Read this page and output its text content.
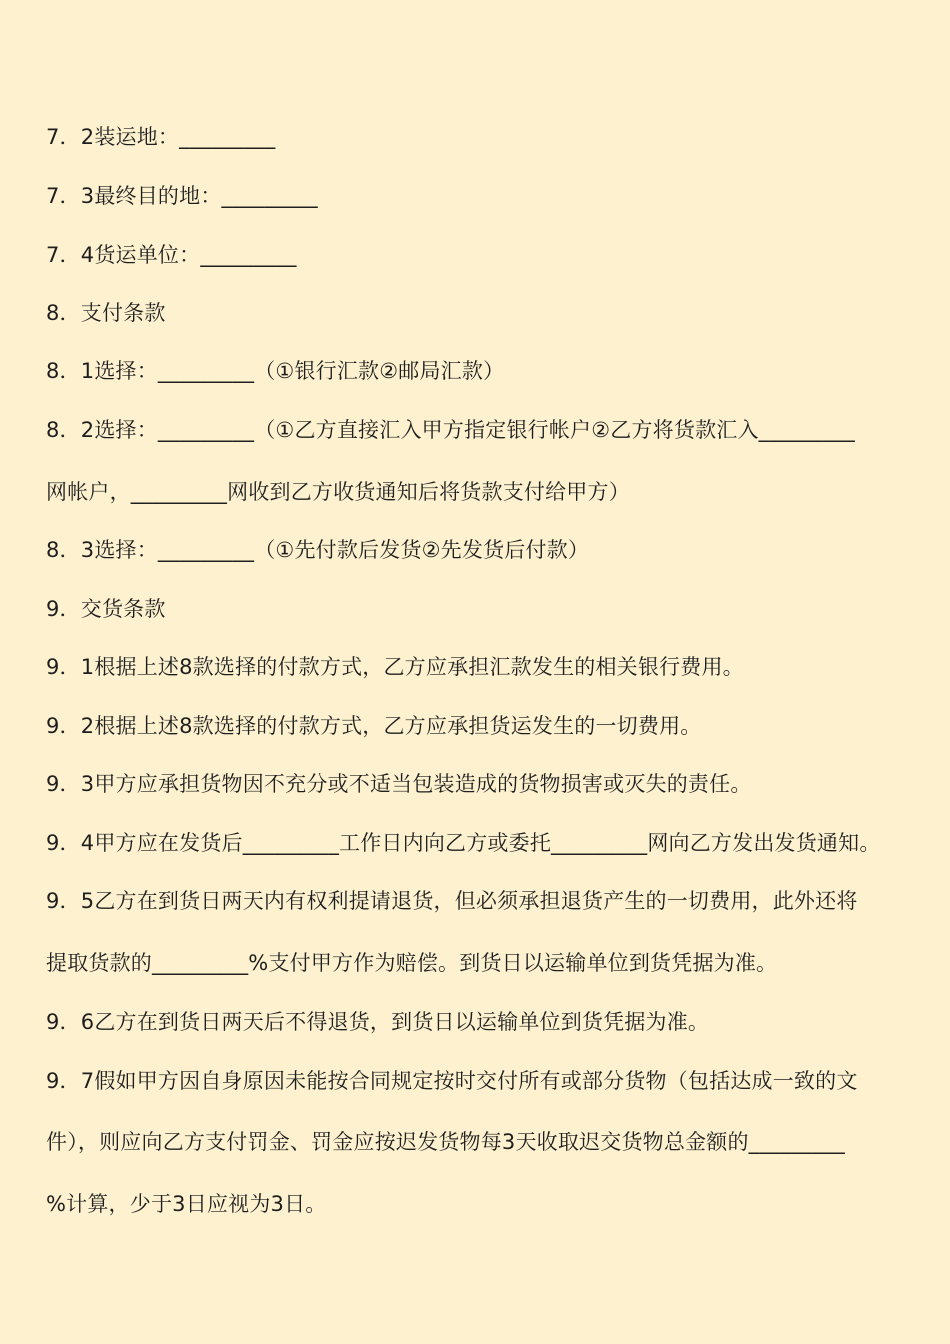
7．2装运地：_________
7．3最终目的地：_________
7．4货运单位：_________
8．支付条款
8．1选择：_________（①银行汇款②邮局汇款）
8．2选择：_________（①乙方直接汇入甲方指定银行帐户②乙方将货款汇入_________
网帐户，_________网收到乙方收货通知后将货款支付给甲方）
8．3选择：_________（①先付款后发货②先发货后付款）
9．交货条款
9．1根据上述8款选择的付款方式，乙方应承担汇款发生的相关银行费用。
9．2根据上述8款选择的付款方式，乙方应承担货运发生的一切费用。
9．3甲方应承担货物因不充分或不适当包装造成的货物损害或灭失的责任。
9．4甲方应在发货后_________工作日内向乙方或委托_________网向乙方发出发货通知。
9．5乙方在到货日两天内有权利提请退货，但必须承担退货产生的一切费用，此外还将
提取货款的_________%支付甲方作为赔偿。到货日以运输单位到货凭据为准。
9．6乙方在到货日两天后不得退货，到货日以运输单位到货凭据为准。
9．7假如甲方因自身原因未能按合同规定按时交付所有或部分货物（包括达成一致的文
件），则应向乙方支付罚金、罚金应按迟发货物每3天收取迟交货物总金额的_________
%计算，少于3日应视为3日。
